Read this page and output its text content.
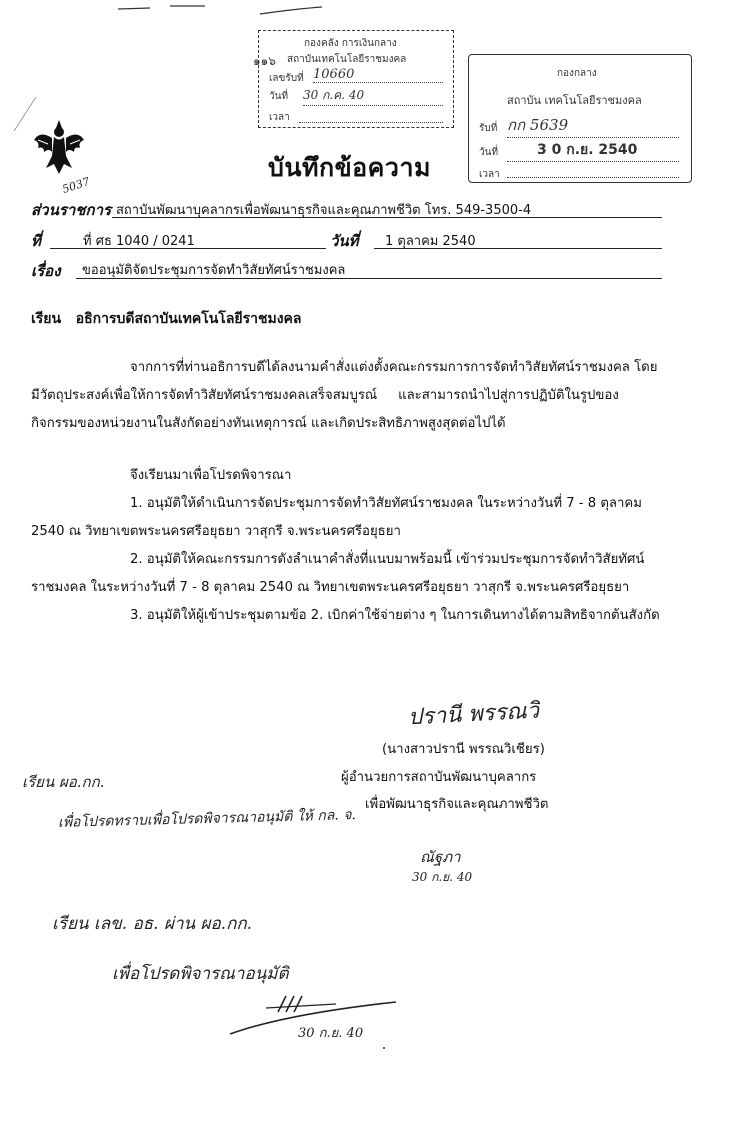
กองคลัง การเงินกลาง
๑๑๖ สถาบันเทคโนโลยีราชมงคล
เลขรับที่ 10660
วันที่ 30 ก.ค. 40
เวลา
กองกลาง
สถาบัน เทคโนโลยีราชมงคล
รับที่ กก 5639
วันที่	3 0 ก.ย. 2540
เวลา
5037
บันทึกข้อความ
ส่วนราชการ สถาบันพัฒนาบุคลากรเพื่อพัฒนาธุรกิจและคุณภาพชีวิต โทร. 549-3500-4
ที่	ที่ ศธ 1040 / 0241	วันที่ 1 ตุลาคม 2540
เรื่อง ขออนุมัติจัดประชุมการจัดทำวิสัยทัศน์ราชมงคล
เรียน   อธิการบดีสถาบันเทคโนโลยีราชมงคล
จากการที่ท่านอธิการบดีได้ลงนามคำสั่งแต่งตั้งคณะกรรมการการจัดทำวิสัยทัศน์ราชมงคล โดย
มีวัตถุประสงค์เพื่อให้การจัดทำวิสัยทัศน์ราชมงคลเสร็จสมบูรณ์     และสามารถนำไปสู่การปฏิบัติในรูปของ
กิจกรรมของหน่วยงานในสังกัดอย่างทันเหตุการณ์ และเกิดประสิทธิภาพสูงสุดต่อไปได้
จึงเรียนมาเพื่อโปรดพิจารณา
1. อนุมัติให้ดำเนินการจัดประชุมการจัดทำวิสัยทัศน์ราชมงคล ในระหว่างวันที่ 7 - 8 ตุลาคม
2540 ณ วิทยาเขตพระนครศรีอยุธยา วาสุกรี จ.พระนครศรีอยุธยา
2. อนุมัติให้คณะกรรมการดังลำเนาคำสั่งที่แนบมาพร้อมนี้ เข้าร่วมประชุมการจัดทำวิสัยทัศน์
ราชมงคล ในระหว่างวันที่ 7 - 8 ตุลาคม 2540 ณ วิทยาเขตพระนครศรีอยุธยา วาสุกรี จ.พระนครศรีอยุธยา
3. อนุมัติให้ผู้เข้าประชุมตามข้อ 2. เบิกค่าใช้จ่ายต่าง ๆ ในการเดินทางได้ตามสิทธิจากต้นสังกัด
ปรานี พรรณวิ
(นางสาวปรานี พรรณวิเชียร)
ผู้อำนวยการสถาบันพัฒนาบุคลากร
เพื่อพัฒนาธุรกิจและคุณภาพชีวิต
เรียน ผอ.กก.
เพื่อโปรดทราบเพื่อโปรดพิจารณาอนุมัติ ให้ กล. จ.
ณัฐภา
30 ก.ย. 40
เรียน เลข. อธ. ผ่าน ผอ.กก.
เพื่อโปรดพิจารณาอนุมัติ
30 ก.ย. 40
